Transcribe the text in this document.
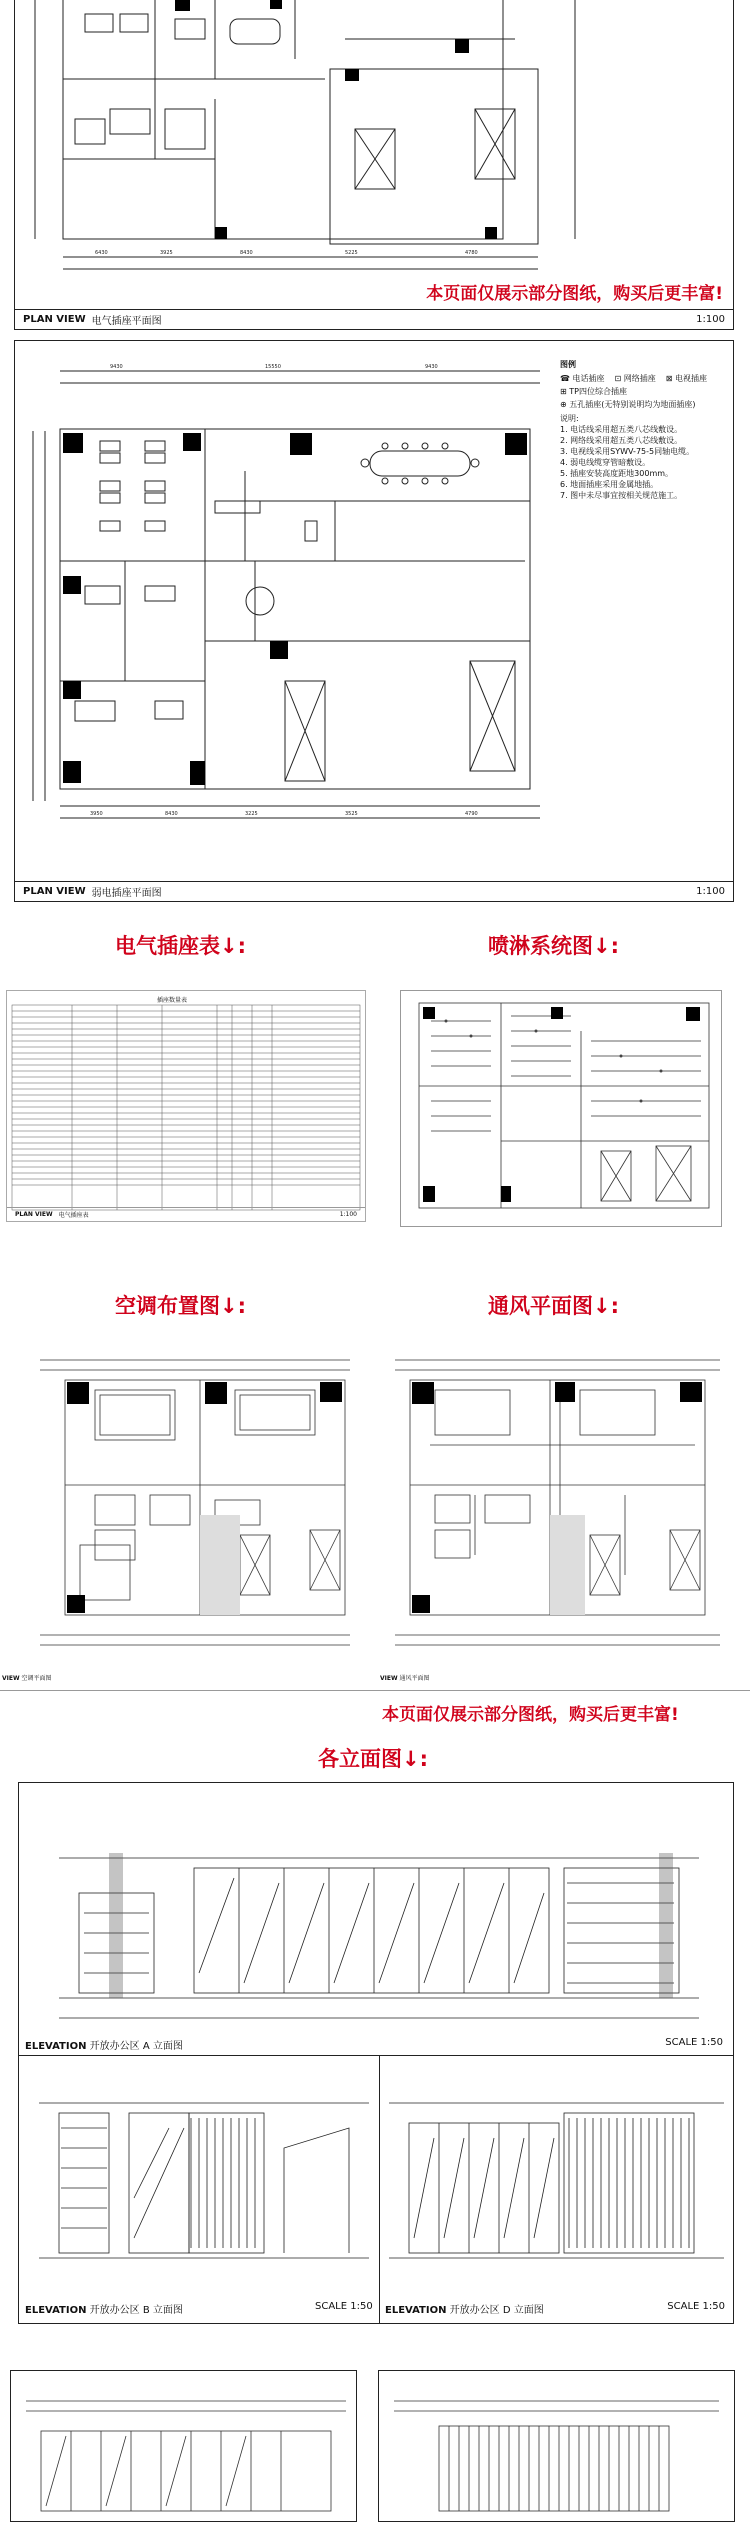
6430	3925	8430	5225	4780
本页面仅展示部分图纸，购买后更丰富!
PLAN VIEW 电气插座平面图	1:100
9430	15550	9430
3950	8430	3225	3525	4790
图例
☎ 电话插座 ⊡ 网络插座 ⊠ 电视插座
⊞ TP四位综合插座
⊕ 五孔插座(无特别说明均为地面插座)
说明:
1. 电话线采用超五类八芯线敷设。
2. 网络线采用超五类八芯线敷设。
3. 电视线采用SYWV-75-5同轴电缆。
4. 弱电线缆穿管暗敷设。
5. 插座安装高度距地300mm。
6. 地面插座采用金属地插。
7. 图中未尽事宜按相关规范施工。
PLAN VIEW 弱电插座平面图	1:100
电气插座表↓:	喷淋系统图↓:
插座数量表
PLAN VIEW 电气插座表	1:100
空调布置图↓:	通风平面图↓:
VIEW 空调平面图	VIEW 通风平面图
本页面仅展示部分图纸，购买后更丰富!
各立面图↓:
ELEVATION 开放办公区 A 立面图	SCALE 1:50
ELEVATION 开放办公区 B 立面图	SCALE 1:50 ELEVATION 开放办公区 D 立面图	SCALE 1:50
